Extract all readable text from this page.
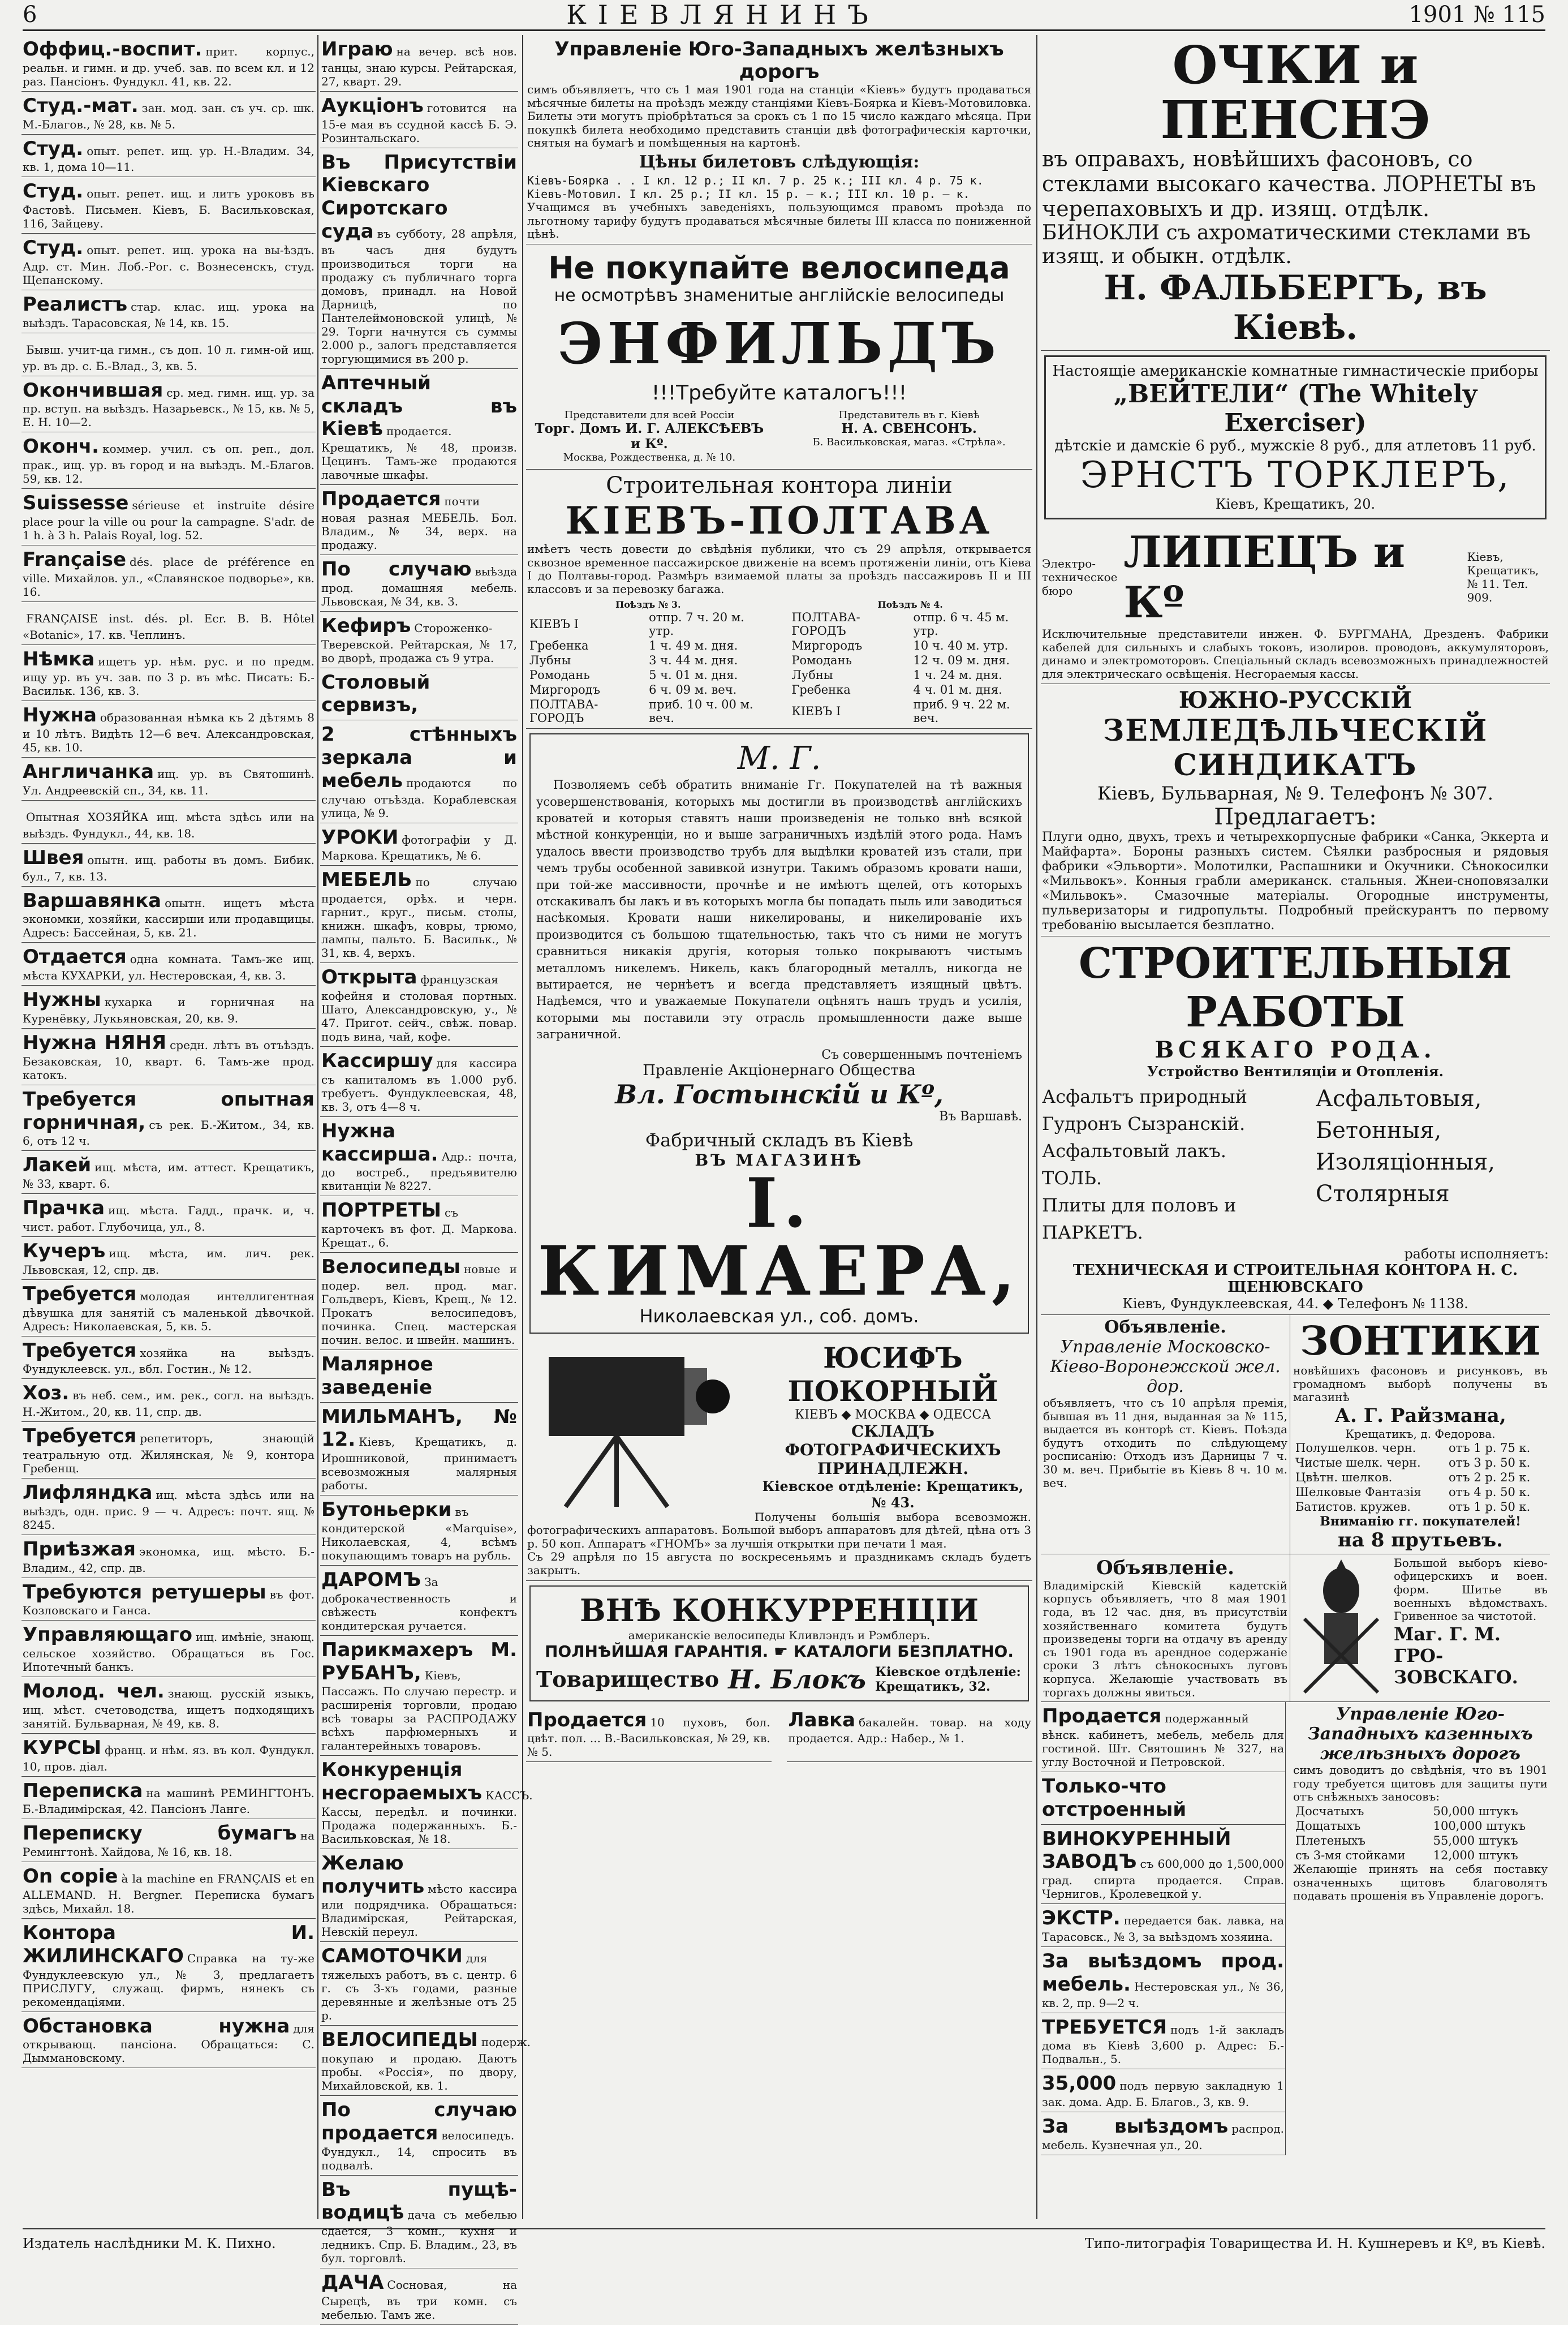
6	КІЕВЛЯНИНЪ	1901 № 115
Оффиц.-воспит. прит. корпус., реальн. и гимн. и др. учеб. зав. по всем кл. и 12 раз. Пансіонъ. Фундукл. 41, кв. 22.
Студ.-мат. зан. мод. зан. съ уч. ср. шк. М.-Благов., № 28, кв. № 5.
Студ. опыт. репет. ищ. ур. Н.-Владим. 34, кв. 1, дома 10—11.
Студ. опыт. репет. ищ. и литъ уроковъ въ Фастовѣ. Письмен. Кіевъ, Б. Васильковская, 116, Зайцеву.
Студ. опыт. репет. ищ. урока на вы-ѣздъ. Адр. ст. Мин. Лоб.-Рог. с. Вознесенскъ, студ. Щепанскому.
Реалистъ стар. клас. ищ. урока на выѣздъ. Тарасовская, № 14, кв. 15.
Бывш. учит-ца гимн., съ доп. 10 л. гимн-ой ищ. ур. въ др. с. Б.-Влад., 3, кв. 5.
Окончившая ср. мед. гимн. ищ. ур. за пр. вступ. на выѣздъ. Назарьевск., № 15, кв. № 5, Е. Н. 10—2.
Оконч. коммер. учил. съ оп. реп., дол. прак., ищ. ур. въ город и на выѣздъ. М.-Благов. 59, кв. 12.
Suissesse sérieuse et instruite désire place pour la ville ou pour la campagne. S'adr. de 1 h. à 3 h. Palais Royal, log. 52.
Française dés. place de préférence en ville. Михайлов. ул., «Славянское подворье», кв. 16.
FRANÇAISE inst. dés. pl. Ecr. B. B. Hôtel «Botanic», 17. кв. Чеплинъ.
Нѣмка ищетъ ур. нѣм. рус. и по предм. ищу ур. въ уч. зав. по 3 р. въ мѣс. Писать: Б.-Васильк. 136, кв. 3.
Нужна образованная нѣмка къ 2 дѣтямъ 8 и 10 лѣтъ. Видѣть 12—6 веч. Александровская, 45, кв. 10.
Англичанка ищ. ур. въ Святошинѣ. Ул. Андреевскій сп., 34, кв. 11.
Опытная ХОЗЯЙКА ищ. мѣста здѣсь или на выѣздъ. Фундукл., 44, кв. 18.
Швея опытн. ищ. работы въ домъ. Бибик. бул., 7, кв. 13.
Варшавянка опытн. ищетъ мѣста экономки, хозяйки, кассирши или продавщицы. Адресъ: Бассейная, 5, кв. 21.
Отдается одна комната. Тамъ-же ищ. мѣста КУХАРКИ, ул. Нестеровская, 4, кв. 3.
Нужны кухарка и горничная на Куренёвку, Лукьяновская, 20, кв. 9.
Нужна НЯНЯ средн. лѣтъ въ отъѣздъ. Безаковская, 10, кварт. 6. Тамъ-же прод. катокъ.
Требуется опытная горничная, съ рек. Б.-Житом., 34, кв. 6, отъ 12 ч.
Лакей ищ. мѣста, им. аттест. Крещатикъ, № 33, кварт. 6.
Прачка ищ. мѣста. Гадд., прачк. и, ч. чист. работ. Глубочица, ул., 8.
Кучеръ ищ. мѣста, им. лич. рек. Львовская, 12, спр. дв.
Требуется молодая интеллигентная дѣвушка для занятій съ маленькой дѣвочкой. Адресъ: Николаевская, 5, кв. 5.
Требуется хозяйка на выѣздъ. Фундуклеевск. ул., вбл. Гостин., № 12.
Хоз. въ неб. сем., им. рек., согл. на выѣздъ. Н.-Житом., 20, кв. 11, спр. дв.
Требуется репетиторъ, знающій театральную отд. Жилянская, № 9, контора Гребенщ.
Лифляндка ищ. мѣста здѣсь или на выѣздъ, одн. прис. 9 — ч. Адресъ: почт. ящ. № 8245.
Приѣзжая экономка, ищ. мѣсто. Б.-Владим., 42, спр. дв.
Требуются ретушеры въ фот. Козловскаго и Ганса.
Управляющаго ищ. имѣніе, знающ. сельское хозяйство. Обращаться въ Гос. Ипотечный банкъ.
Молод. чел. знающ. русскій языкъ, ищ. мѣст. счетоводства, ищетъ подходящихъ занятій. Бульварная, № 49, кв. 8.
КУРСЫ франц. и нѣм. яз. въ кол. Фундукл. 10, пров. діал.
Переписка на машинѣ РЕМИНГТОНЪ. Б.-Владимірская, 42. Пансіонъ Ланге.
Переписку бумагъ на Ремингтонѣ. Хайдова, № 16, кв. 18.
On copie à la machine en FRANÇAIS et en ALLEMAND. H. Bergner. Переписка бумагъ здѣсь, Михайл. 18.
Контора И. ЖИЛИНСКАГО Справка на ту-же Фундуклеевскую ул., № 3, предлагаетъ ПРИСЛУГУ, служащ. фирмъ, нянекъ съ рекомендаціями.
Обстановка нужна для открывающ. пансіона. Обращаться: С. Дыммановскому.
Играю на вечер. всѣ нов. танцы, знаю курсы. Рейтарская, 27, кварт. 29.
Аукціонъ готовится на 15-е мая въ ссудной кассѣ Б. Э. Розинтальскаго.
Въ Присутствіи Кіевскаго Сиротскаго суда въ субботу, 28 апрѣля, въ часъ дня будутъ производиться торги на продажу съ публичнаго торга домовъ, принадл. на Новой Дарницѣ, по Пантелеймоновской улицѣ, № 29. Торги начнутся съ суммы 2.000 р., залогъ представляется торгующимися въ 200 р.
Аптечный складъ въ Кіевѣ продается. Крещатикъ, № 48, произв. Цецинъ. Тамъ-же продаются лавочные шкафы.
Продается почти новая разная МЕБЕЛЬ. Бол. Владим., № 34, верх. на продажу.
По случаю выѣзда прод. домашняя мебель. Львовская, № 34, кв. 3.
Кефиръ Стороженко-Тверевской. Рейтарская, № 17, во дворѣ, продажа съ 9 утра.
Столовый сервизъ,
2 стѣнныхъ зеркала и мебель продаются по случаю отъѣзда. Кораблевская улица, № 9.
УРОКИ фотографіи у Д. Маркова. Крещатикъ, № 6.
МЕБЕЛЬ по случаю продается, орѣх. и черн. гарнит., круг., письм. столы, книжн. шкафъ, ковры, трюмо, лампы, пальто. Б. Васильк., № 31, кв. 4, верхъ.
Открыта французская кофейня и столовая портных. Шато, Александровскую, у., № 47. Пригот. сейч., свѣж. повар. подъ вина, чай, кофе.
Кассиршу для кассира съ капиталомъ въ 1.000 руб. требуетъ. Фундуклеевская, 48, кв. 3, отъ 4—8 ч.
Нужна кассирша. Адр.: почта, до востреб., предъявителю квитанціи № 8227.
ПОРТРЕТЫ съ карточекъ въ фот. Д. Маркова. Крещат., 6.
Велосипеды новые и подер. вел. прод. маг. Гольдверъ, Кіевъ, Крещ., № 12. Прокатъ велосипедовъ, починка. Спец. мастерская почин. велос. и швейн. машинъ.
Малярное заведеніе
МИЛЬМАНЪ, № 12. Кіевъ, Крещатикъ, д. Ирошниковой, принимаетъ всевозможныя малярныя работы.
Бутоньерки въ кондитерской «Marquise», Николаевская, 4, всѣмъ покупающимъ товаръ на рубль.
ДАРОМЪ За доброкачественность и свѣжесть конфектъ кондитерская ручается.
Парикмахеръ М. РУБАНЪ, Кіевъ, Пассажъ. По случаю перестр. и расширенія торговли, продаю всѣ товары за РАСПРОДАЖУ всѣхъ парфюмерныхъ и галантерейныхъ товаровъ.
Конкуренція несгораемыхъ КАССЪ. Кассы, передѣл. и починки. Продажа подержанныхъ. Б.-Васильковская, № 18.
Желаю получить мѣсто кассира или подрядчика. Обращаться: Владимірская, Рейтарская, Невскій переул.
САМОТОЧКИ для тяжелыхъ работъ, въ с. центр. 6 г. съ 3-хъ годами, разные деревянные и желѣзные отъ 25 р.
ВЕЛОСИПЕДЫ подерж. покупаю и продаю. Даютъ пробы. «Россія», по двору, Михайловской, кв. 1.
По случаю продается велосипедъ. Фундукл., 14, спросить въ подвалѣ.
Въ пущѣ-водицѣ дача съ мебелью сдается, 3 комн., кухня и ледникъ. Спр. Б. Владим., 23, въ бул. торговлѣ.
ДАЧА Сосновая, на Сырецѣ, въ три комн. съ мебелью. Тамъ же.
Управленіе Юго-Западныхъ желѣзныхъ дорогъ
симъ объявляетъ, что съ 1 мая 1901 года на станціи «Кіевъ» будутъ продаваться мѣсячные билеты на проѣздъ между станціями Кіевъ-Боярка и Кіевъ-Мотовиловка. Билеты эти могутъ пріобрѣтаться за срокъ съ 1 по 15 число каждаго мѣсяца. При покупкѣ билета необходимо представить станціи двѣ фотографическія карточки, снятыя на бумагѣ и помѣщенныя на картонѣ.
Цѣны билетовъ слѣдующія:
Кіевъ-Боярка . . I кл. 12 р.; II кл. 7 р. 25 к.; III кл. 4 р. 75 к.
Кіевъ-Мотовил. I кл. 25 р.; II кл. 15 р. — к.; III кл. 10 р. — к.
Учащимся въ учебныхъ заведеніяхъ, пользующимся правомъ проѣзда по льготному тарифу будутъ продаваться мѣсячные билеты III класса по пониженной цѣнѣ.
Не покупайте велосипеда
не осмотрѣвъ знаменитые англійскіе велосипеды
ЭНФИЛЬДЪ
!!!Требуйте каталогъ!!!
Представители для всей Россіи
Торг. Домъ И. Г. АЛЕКСѢЕВЪ и Кº.
Москва, Рождественка, д. № 10.
Представитель въ г. Кіевѣ
Н. А. СВЕНСОНЪ.
Б. Васильковская, магаз. «Стрѣла».
Строительная контора линіи
КІЕВЪ-ПОЛТАВА
имѣетъ честь довести до свѣдѣнія публики, что съ 29 апрѣля, открывается сквозное временное пассажирское движеніе на всемъ протяженіи линіи, отъ Кіева I до Полтавы-город. Размѣръ взимаемой платы за проѣздъ пассажировъ II и III классовъ и за перевозку багажа.
Поѣздъ № 3.
КІЕВЪ I	отпр. 7 ч. 20 м. утр.
Гребенка	1 ч. 49 м. дня.
Лубны	3 ч. 44 м. дня.
Ромодань	5 ч. 01 м. дня.
Миргородъ	6 ч. 09 м. веч.
ПОЛТАВА-ГОРОДЪ	приб. 10 ч. 00 м. веч.
Поѣздъ № 4.
ПОЛТАВА-ГОРОДЪ	отпр. 6 ч. 45 м. утр.
Миргородъ	10 ч. 40 м. утр.
Ромодань	12 ч. 09 м. дня.
Лубны	1 ч. 24 м. дня.
Гребенка	4 ч. 01 м. дня.
КІЕВЪ I	приб. 9 ч. 22 м. веч.
М. Г.
Позволяемъ себѣ обратить вниманіе Гг. Покупателей на тѣ важныя усовершенствованія, которыхъ мы достигли въ производствѣ англійскихъ кроватей и которыя ставятъ наши произведенія не только внѣ всякой мѣстной конкуренціи, но и выше заграничныхъ издѣлій этого рода. Намъ удалось ввести производство трубъ для выдѣлки кроватей изъ стали, при чемъ трубы особенной завивкой изнутри. Такимъ образомъ кровати наши, при той-же массивности, прочнѣе и не имѣютъ щелей, отъ которыхъ отскакивалъ бы лакъ и въ которыхъ могла бы попадать пыль или заводиться насѣкомыя. Кровати наши никелированы, и никелированіе ихъ производится съ большою тщательностью, такъ что съ ними не могутъ сравниться никакія другія, которыя только покрываютъ чистымъ металломъ никелемъ. Никель, какъ благородный металлъ, никогда не вытирается, не чернѣетъ и всегда представляетъ изящный цвѣтъ. Надѣемся, что и уважаемые Покупатели оцѣнятъ нашъ трудъ и усилія, которыми мы поставили эту отрасль промышленности даже выше заграничной.
Съ совершеннымъ почтеніемъ
Правленіе Акціонернаго Общества
Вл. Гостынскій и Кº,
Въ Варшавѣ.
Фабричный складъ въ Кіевѣ
ВЪ МАГАЗИНѢ
І. КИМАЕРА,
Николаевская ул., соб. домъ.
ЮСИФЪ ПОКОРНЫЙ
КІЕВЪ ◆ МОСКВА ◆ ОДЕССА
СКЛАДЪ ФОТОГРАФИЧЕСКИХЪ ПРИНАДЛЕЖН.
Кіевское отдѣленіе: Крещатикъ, № 43.
Получены большія выбора всевозможн. фотографическихъ аппаратовъ. Большой выборъ аппаратовъ для дѣтей, цѣна отъ 3 р. 50 коп. Аппаратъ «ГНОМЪ» за лучшія открытки при печати 1 мая.
Съ 29 апрѣля по 15 августа по воскресеньямъ и праздникамъ складъ будетъ закрытъ.
ВНѢ КОНКУРРЕНЦІИ
американскіе велосипеды Кливлэндъ и Рэмблеръ.
ПОЛНѢЙШАЯ ГАРАНТІЯ. ☛ КАТАЛОГИ БЕЗПЛАТНО.
Товарищество Н. Блокъ Кіевское отдѣленіе: Крещатикъ, 32.
Продается 10 пуховъ, бол. цвѣт. пол. ... В.-Васильковская, № 29, кв. № 5.
Лавка бакалейн. товар. на ходу продается. Адр.: Набер., № 1.
ОЧКИ и ПЕНСНЭ
въ оправахъ, новѣйшихъ фасоновъ, со стеклами высокаго качества. ЛОРНЕТЫ въ черепаховыхъ и др. изящ. отдѣлк.
БИНОКЛИ съ ахроматическими стеклами въ изящ. и обыкн. отдѣлк.
Н. ФАЛЬБЕРГЪ, въ Кіевѣ.
Настоящіе американскіе комнатные гимнастическіе приборы
„ВЕЙТЕЛИ“ (The Whitely Exerciser)
дѣтскіе и дамскіе 6 руб., мужскіе 8 руб., для атлетовъ 11 руб.
ЭРНСТЪ ТОРКЛЕРЪ,
Кіевъ, Крещатикъ, 20.
Электро-техническое бюро
ЛИПЕЦЪ и Кº
Кіевъ, Крещатикъ, № 11. Тел. 909.
Исключительные представители инжен. Ф. БУРГМАНА, Дрезденъ. Фабрики кабелей для сильныхъ и слабыхъ токовъ, изолиров. проводовъ, аккумуляторовъ, динамо и электромоторовъ. Спеціальный складъ всевозможныхъ принадлежностей для электрическаго освѣщенія. Несгораемыя кассы.
ЮЖНО-РУССКІЙ
ЗЕМЛЕДѢЛЬЧЕСКІЙ СИНДИКАТЪ
Кіевъ, Бульварная, № 9. Телефонъ № 307.
Предлагаетъ:
Плуги одно, двухъ, трехъ и четырехкорпусные фабрики «Санка, Эккерта и Майфарта». Бороны разныхъ систем. Сѣялки разбросныя и рядовыя фабрики «Эльворти». Молотилки, Распашники и Окучники. Сѣнокосилки «Мильвокъ». Конныя грабли американск. стальныя. Жнеи-сноповязалки «Мильвокъ». Смазочные матеріалы. Огородные инструменты, пульверизаторы и гидропульты. Подробный прейскурантъ по первому требованію высылается безплатно.
СТРОИТЕЛЬНЫЯ РАБОТЫ
ВСЯКАГО РОДА.
Устройство Вентиляціи и Отопленія.
Асфальтъ природный
Гудронъ Сызранскій.
Асфальтовый лакъ.
ТОЛЬ.
Плиты для половъ и ПАРКЕТЪ.
Асфальтовыя,
Бетонныя,
Изоляціонныя,
Столярныя
работы исполняетъ:
ТЕХНИЧЕСКАЯ И СТРОИТЕЛЬНАЯ КОНТОРА Н. С. ЩЕНЮВСКАГО
Кіевъ, Фундуклеевская, 44. ◆ Телефонъ № 1138.
Объявленіе.
Управленіе Московско-Кіево-Воронежской жел. дор.
объявляетъ, что съ 10 апрѣля премія, бывшая въ 11 дня, выданная за № 115, выдается въ конторѣ ст. Кіевъ. Поѣзда будутъ отходить по слѣдующему росписанію: Отходъ изъ Дарницы 7 ч. 30 м. веч. Прибытіе въ Кіевъ 8 ч. 10 м. веч.
ЗОНТИКИ
новѣйшихъ фасоновъ и рисунковъ, въ громадномъ выборѣ получены въ магазинѣ
А. Г. Райзмана,
Крещатикъ, д. Федорова.
Полушелков. черн.	отъ 1 р. 75 к.
Чистые шелк. черн.	отъ 3 р. 50 к.
Цвѣтн. шелков.	отъ 2 р. 25 к.
Шелковые Фантазія	отъ 4 р. 50 к.
Батистов. кружев.	отъ 1 р. 50 к.
Вниманію гг. покупателей!
на 8 прутьевъ.
Объявленіе.
Владимірскій Кіевскій кадетскій корпусъ объявляетъ, что 8 мая 1901 года, въ 12 час. дня, въ присутствіи хозяйственнаго комитета будутъ произведены торги на отдачу въ аренду съ 1901 года въ арендное содержаніе сроки 3 лѣтъ сѣнокосныхъ луговъ корпуса. Желающіе участвовать въ торгахъ должны явиться.
Большой выборъ кіево-офицерскихъ и воен. форм. Шитье въ военныхъ вѣдомствахъ. Гривенное за чистотой.
Маг. Г. М. ГРО-ЗОВСКАГО.
Продается подержанный вѣнск. кабинетъ, мебель, мебель для гостиной. Шт. Святошинъ № 327, на углу Восточной и Петровской.
Только-что отстроенный
ВИНОКУРЕННЫЙ ЗАВОДЪ съ 600,000 до 1,500,000 град. спирта продается. Справ. Чернигов., Кролевецкой у.
ЭКСТР. передается бак. лавка, на Тарасовск., № 3, за выѣздомъ хозяина.
За выѣздомъ прод. мебель. Нестеровская ул., № 36, кв. 2, пр. 9—2 ч.
ТРЕБУЕТСЯ подъ 1-й закладъ дома въ Кіевѣ 3,600 р. Адрес: Б.-Подвальн., 5.
35,000 подъ первую закладную 1 зак. дома. Адр. Б. Благов., 3, кв. 9.
За выѣздомъ распрод. мебель. Кузнечная ул., 20.
Управленіе Юго-Западныхъ казенныхъ желѣзныхъ дорогъ
симъ доводитъ до свѣдѣнія, что въ 1901 году требуется щитовъ для защиты пути отъ снѣжныхъ заносовъ:
Досчатыхъ	50,000 штукъ
Дощатыхъ	100,000 штукъ
Плетеныхъ	55,000 штукъ
съ 3-мя стойками	12,000 штукъ
Желающіе принять на себя поставку означенныхъ щитовъ благоволятъ подавать прошенія въ Управленіе дорогъ.
Издатель наслѣдники М. К. Пихно.	Типо-литографія Товарищества И. Н. Кушнеревъ и Кº, въ Кіевѣ.
